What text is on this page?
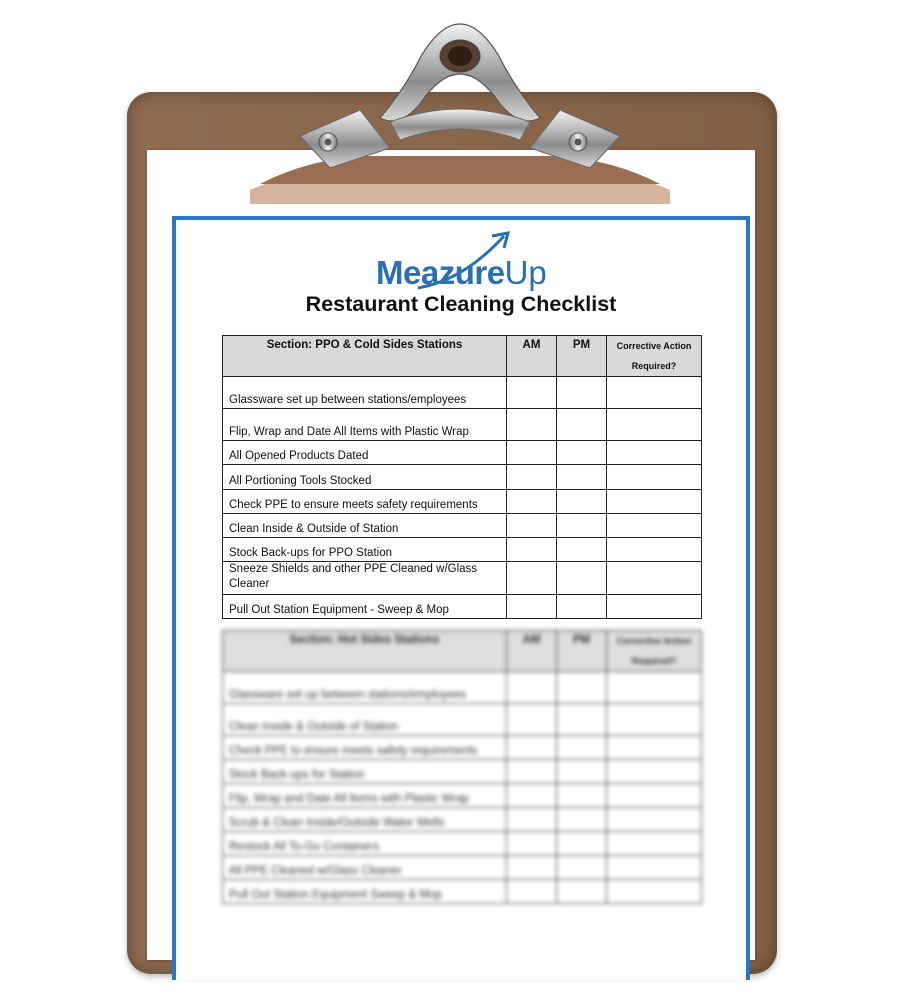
Meazure Up
Restaurant Cleaning Checklist
Section: PPO & Cold Sides Stations	AM	PM	Corrective Action
Required?

Glassware set up between stations/employees			
Flip, Wrap and Date All Items with Plastic Wrap			
All Opened Products Dated			
All Portioning Tools Stocked			
Check PPE to ensure meets safety requirements			
Clean Inside & Outside of Station			
Stock Back-ups for PPO Station			
Sneeze Shields and other PPE Cleaned w/Glass Cleaner			
Pull Out Station Equipment - Sweep & Mop			
Section: Hot Sides Stations	AM	PM	Corrective Action
Required?

Glassware set up between stations/employees			
Clean Inside & Outside of Station			
Check PPE to ensure meets safety requirements			
Stock Back-ups for Station			
Flip, Wrap and Date All Items with Plastic Wrap			
Scrub & Clean Inside/Outside Water Wells			
Restock All To-Go Containers			
All PPE Cleaned w/Glass Cleaner			
Pull Out Station Equipment Sweep & Mop			
